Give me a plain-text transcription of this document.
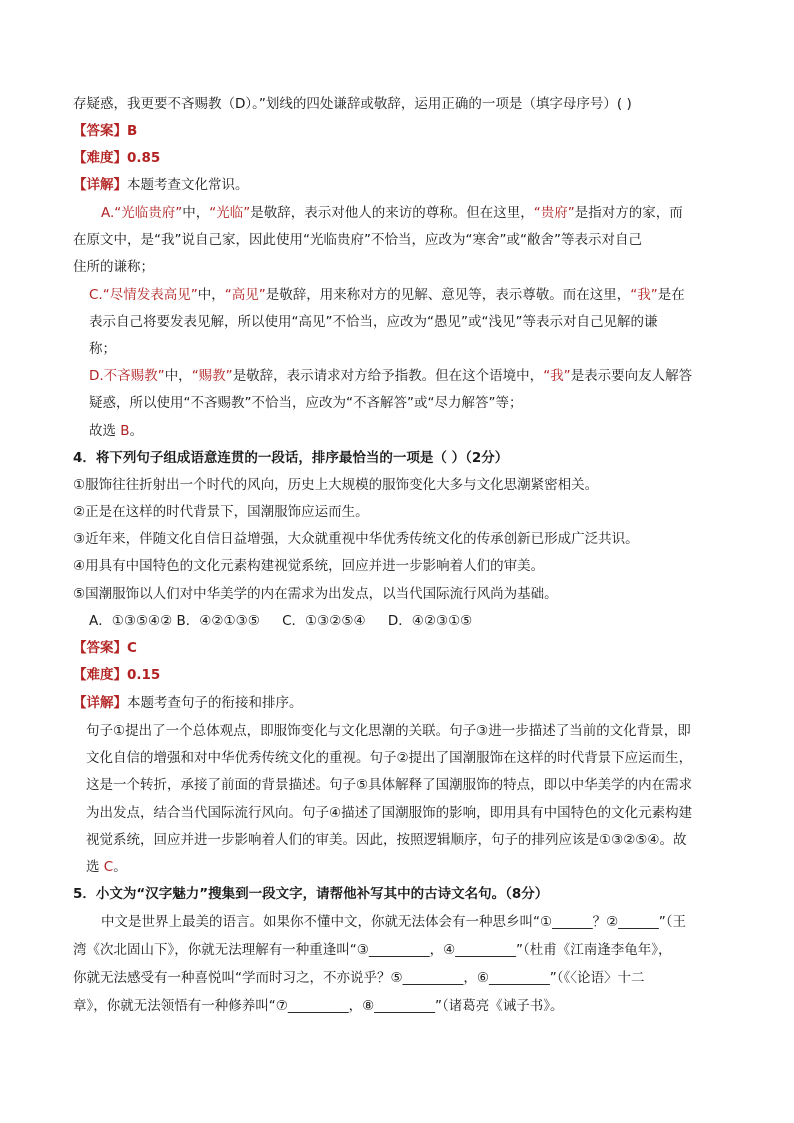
存疑惑，我更要不吝赐教（D）。”划线的四处谦辞或敬辞，运用正确的一项是（填字母序号）( )
【答案】B
【难度】0.85
【详解】本题考查文化常识。
A.“光临贵府”中，“光临”是敬辞，表示对他人的来访的尊称。但在这里，“贵府”是指对方的家，而
在原文中，是“我”说自己家，因此使用“光临贵府”不恰当，应改为“寒舍”或“敝舍”等表示对自己
住所的谦称；
C.“尽情发表高见”中，“高见”是敬辞，用来称对方的见解、意见等，表示尊敬。而在这里，“我”是在
表示自己将要发表见解，所以使用“高见”不恰当，应改为“愚见”或“浅见”等表示对自己见解的谦
称；
D.不吝赐教”中，“赐教”是敬辞，表示请求对方给予指教。但在这个语境中，“我”是表示要向友人解答
疑惑，所以使用“不吝赐教”不恰当，应改为“不吝解答”或“尽力解答”等；
故选 B。
4．将下列句子组成语意连贯的一段话，排序最恰当的一项是（ ）（2分）
①服饰往往折射出一个时代的风向，历史上大规模的服饰变化大多与文化思潮紧密相关。
②正是在这样的时代背景下，国潮服饰应运而生。
③近年来，伴随文化自信日益增强，大众就重视中华优秀传统文化的传承创新已形成广泛共识。
④用具有中国特色的文化元素构建视觉系统，回应并进一步影响着人们的审美。
⑤国潮服饰以人们对中华美学的内在需求为出发点，以当代国际流行风尚为基础。
A．①③⑤④② B．④②①③⑤ C．①③②⑤④ D．④②③①⑤
【答案】C
【难度】0.15
【详解】本题考查句子的衔接和排序。
句子①提出了一个总体观点，即服饰变化与文化思潮的关联。句子③进一步描述了当前的文化背景，即
文化自信的增强和对中华优秀传统文化的重视。句子②提出了国潮服饰在这样的时代背景下应运而生，
这是一个转折，承接了前面的背景描述。句子⑤具体解释了国潮服饰的特点，即以中华美学的内在需求
为出发点，结合当代国际流行风向。句子④描述了国潮服饰的影响，即用具有中国特色的文化元素构建
视觉系统，回应并进一步影响着人们的审美。因此，按照逻辑顺序，句子的排列应该是①③②⑤④。故
选 C。
5．小文为“汉字魅力”搜集到一段文字，请帮他补写其中的古诗文名句。（8分）
中文是世界上最美的语言。如果你不懂中文，你就无法体会有一种思乡叫“①______？②______”（王
湾《次北固山下》，你就无法理解有一种重逢叫“③_________，④_________”（杜甫《江南逢李龟年》，
你就无法感受有一种喜悦叫“学而时习之，不亦说乎？⑤_________，⑥_________”（《〈论语〉十二
章》，你就无法领悟有一种修养叫“⑦_________，⑧_________”（诸葛亮《诫子书》。
